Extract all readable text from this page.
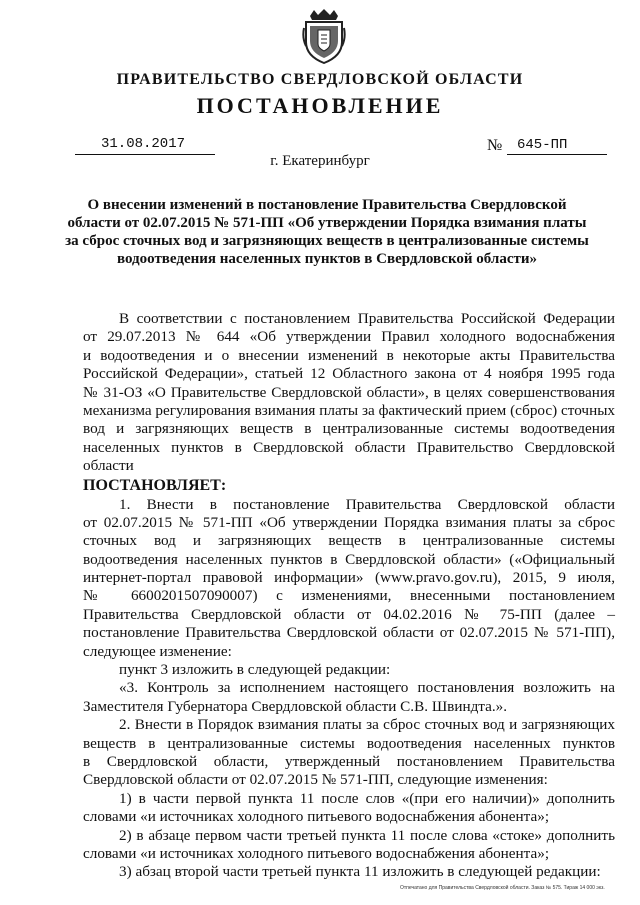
ПРАВИТЕЛЬСТВО СВЕРДЛОВСКОЙ ОБЛАСТИ
ПОСТАНОВЛЕНИЕ
31.08.2017	№ 645-ПП
г. Екатеринбург
О внесении изменений в постановление Правительства Свердловской
области от 02.07.2015 № 571-ПП «Об утверждении Порядка взимания платы
за сброс сточных вод и загрязняющих веществ в централизованные системы
водоотведения населенных пунктов в Свердловской области»
В соответствии с постановлением Правительства Российской Федерации
от 29.07.2013 № 644 «Об утверждении Правил холодного водоснабжения
и водоотведения и о внесении изменений в некоторые акты Правительства
Российской Федерации», статьей 12 Областного закона от 4 ноября 1995 года
№ 31-ОЗ «О Правительстве Свердловской области», в целях совершенствования
механизма регулирования взимания платы за фактический прием (сброс) сточных
вод и загрязняющих веществ в централизованные системы водоотведения
населенных пунктов в Свердловской области Правительство Свердловской
области
ПОСТАНОВЛЯЕТ:
1. Внести в постановление Правительства Свердловской области
от 02.07.2015 № 571-ПП «Об утверждении Порядка взимания платы за сброс
сточных вод и загрязняющих веществ в централизованные системы
водоотведения населенных пунктов в Свердловской области» («Официальный
интернет-портал правовой информации» (www.pravo.gov.ru), 2015, 9 июля,
№ 6600201507090007) с изменениями, внесенными постановлением
Правительства Свердловской области от 04.02.2016 № 75-ПП (далее –
постановление Правительства Свердловской области от 02.07.2015 № 571-ПП),
следующее изменение:
пункт 3 изложить в следующей редакции:
«3. Контроль за исполнением настоящего постановления возложить на
Заместителя Губернатора Свердловской области С.В. Швиндта.».
2. Внести в Порядок взимания платы за сброс сточных вод и загрязняющих
веществ в централизованные системы водоотведения населенных пунктов
в Свердловской области, утвержденный постановлением Правительства
Свердловской области от 02.07.2015 № 571-ПП, следующие изменения:
1) в части первой пункта 11 после слов «(при его наличии)» дополнить
словами «и источниках холодного питьевого водоснабжения абонента»;
2) в абзаце первом части третьей пункта 11 после слова «стоке» дополнить
словами «и источниках холодного питьевого водоснабжения абонента»;
3) абзац второй части третьей пункта 11 изложить в следующей редакции:
Отпечатано для Правительства Свердловской области. Заказ № 575. Тираж 14 000 экз.
